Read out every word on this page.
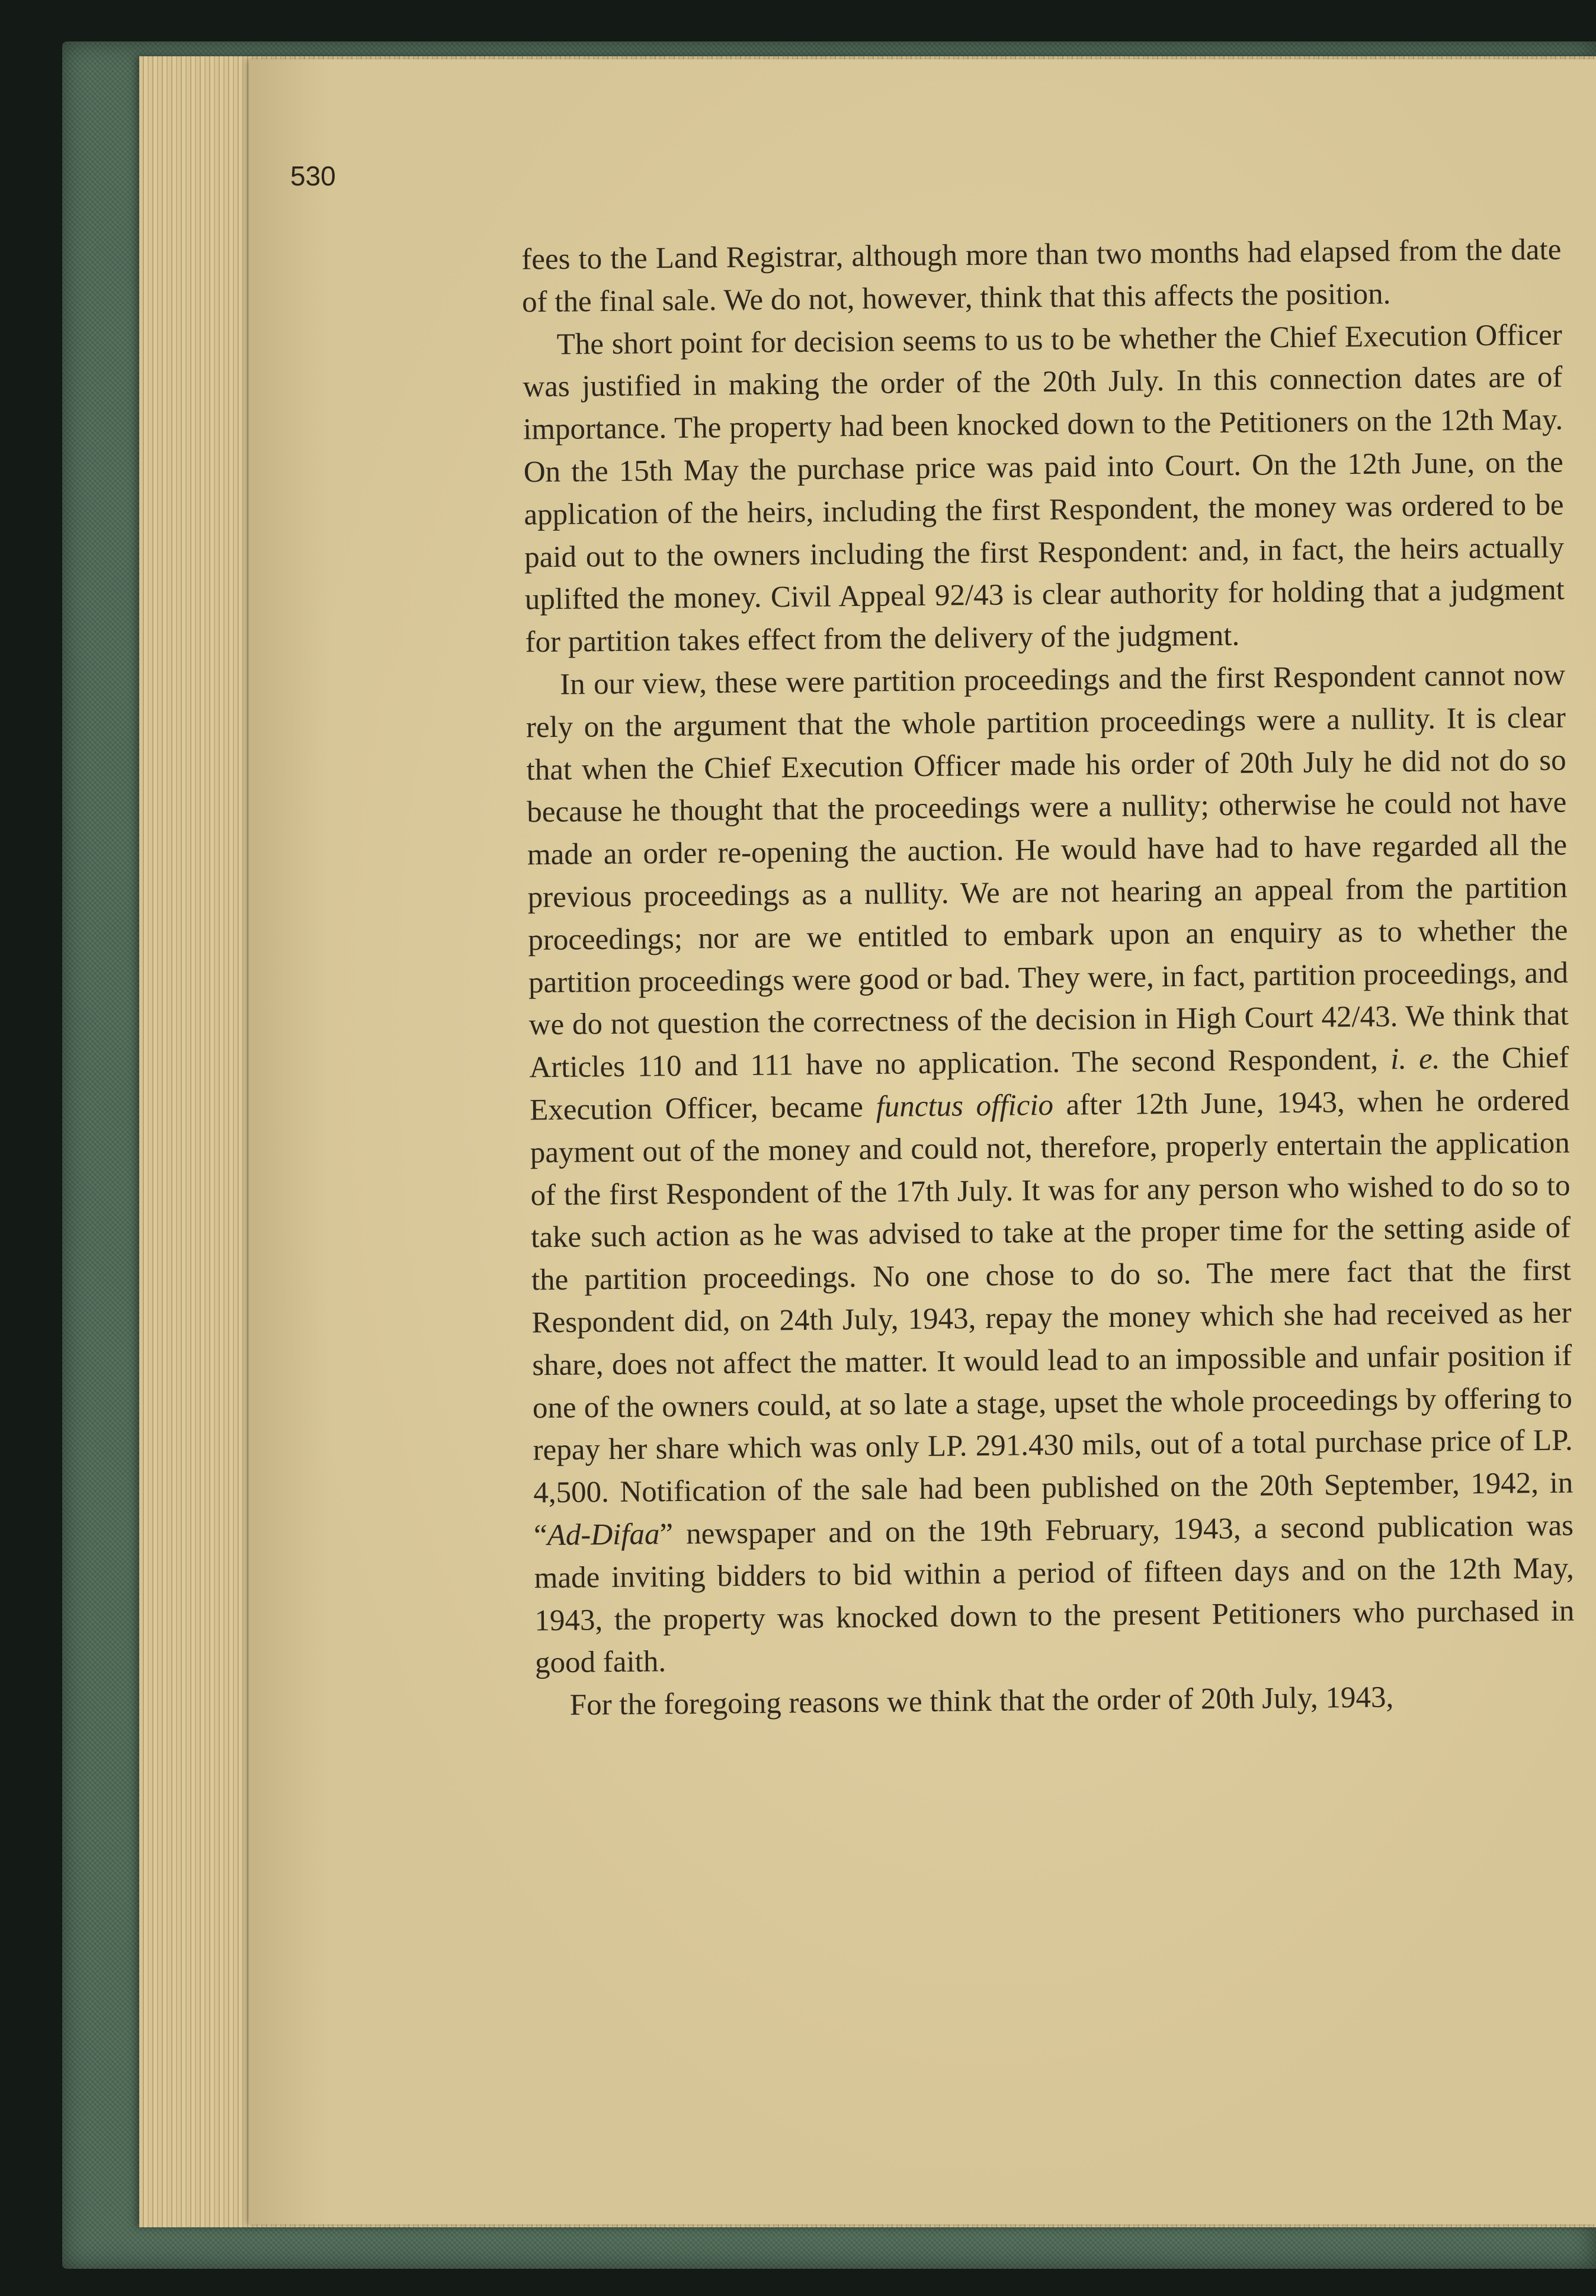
530

fees to the Land Registrar, although more than two months had elapsed from the date of the final sale. We do not, however, think that this affects the position.

The short point for decision seems to us to be whether the Chief Execution Officer was justified in making the order of the 20th July. In this connection dates are of importance. The property had been knocked down to the Petitioners on the 12th May. On the 15th May the purchase price was paid into Court. On the 12th June, on the application of the heirs, including the first Respondent, the money was ordered to be paid out to the owners including the first Respondent: and, in fact, the heirs actually uplifted the money. Civil Appeal 92/43 is clear authority for holding that a judgment for partition takes effect from the delivery of the judgment.

In our view, these were partition proceedings and the first Respondent cannot now rely on the argument that the whole partition proceedings were a nullity. It is clear that when the Chief Execution Officer made his order of 20th July he did not do so because he thought that the proceedings were a nullity; otherwise he could not have made an order re-opening the auction. He would have had to have regarded all the previous proceedings as a nullity. We are not hearing an appeal from the partition proceedings; nor are we entitled to embark upon an enquiry as to whether the partition proceedings were good or bad. They were, in fact, partition proceedings, and we do not question the correctness of the decision in High Court 42/43. We think that Articles 110 and 111 have no application. The second Respondent, i. e. the Chief Execution Officer, became functus officio after 12th June, 1943, when he ordered payment out of the money and could not, therefore, properly entertain the application of the first Respondent of the 17th July. It was for any person who wished to do so to take such action as he was advised to take at the proper time for the setting aside of the partition proceedings. No one chose to do so. The mere fact that the first Respondent did, on 24th July, 1943, repay the money which she had received as her share, does not affect the matter. It would lead to an impossible and unfair position if one of the owners could, at so late a stage, upset the whole proceedings by offering to repay her share which was only LP. 291.430 mils, out of a total purchase price of LP. 4,500. Notification of the sale had been published on the 20th September, 1942, in “Ad-Difaa” newspaper and on the 19th February, 1943, a second publication was made inviting bidders to bid within a period of fifteen days and on the 12th May, 1943, the property was knocked down to the present Petitioners who purchased in good faith.

For the foregoing reasons we think that the order of 20th July, 1943,
